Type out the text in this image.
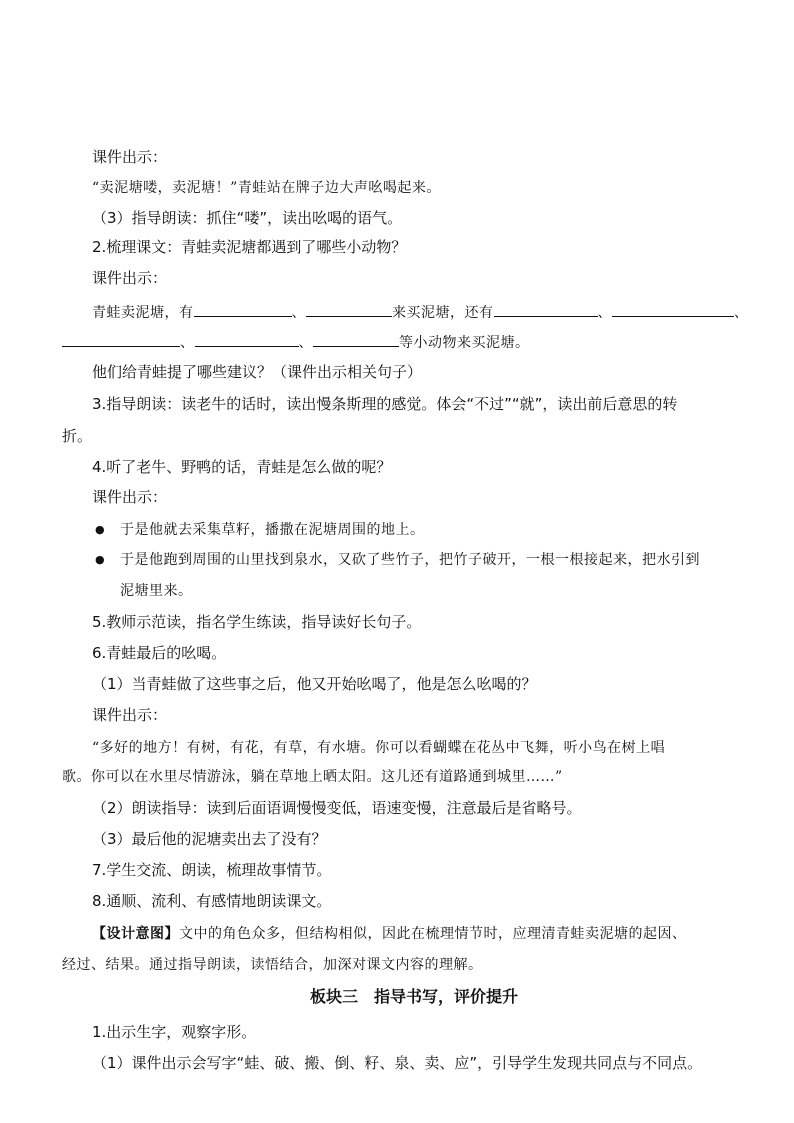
课件出示：
“卖泥塘喽，卖泥塘！”青蛙站在牌子边大声吆喝起来。
（3）指导朗读：抓住“喽”，读出吆喝的语气。
2.梳理课文：青蛙卖泥塘都遇到了哪些小动物？
课件出示：
青蛙卖泥塘，有	、	来买泥塘，还有	、	、
、	、	等小动物来买泥塘。
他们给青蛙提了哪些建议？（课件出示相关句子）
3.指导朗读：读老牛的话时，读出慢条斯理的感觉。体会“不过”“就”，读出前后意思的转
折。
4.听了老牛、野鸭的话，青蛙是怎么做的呢？
课件出示：
● 于是他就去采集草籽，播撒在泥塘周围的地上。
● 于是他跑到周围的山里找到泉水，又砍了些竹子，把竹子破开，一根一根接起来，把水引到
泥塘里来。
5.教师示范读，指名学生练读，指导读好长句子。
6.青蛙最后的吆喝。
（1）当青蛙做了这些事之后，他又开始吆喝了，他是怎么吆喝的？
课件出示：
“多好的地方！有树，有花，有草，有水塘。你可以看蝴蝶在花丛中飞舞，听小鸟在树上唱
歌。你可以在水里尽情游泳，躺在草地上晒太阳。这儿还有道路通到城里……”
（2）朗读指导：读到后面语调慢慢变低，语速变慢，注意最后是省略号。
（3）最后他的泥塘卖出去了没有？
7.学生交流、朗读，梳理故事情节。
8.通顺、流利、有感情地朗读课文。
【设计意图】文中的角色众多，但结构相似，因此在梳理情节时，应理清青蛙卖泥塘的起因、
经过、结果。通过指导朗读，读悟结合，加深对课文内容的理解。
板块三　指导书写，评价提升
1.出示生字，观察字形。
（1）课件出示会写字“蛙、破、搬、倒、籽、泉、卖、应”，引导学生发现共同点与不同点。
